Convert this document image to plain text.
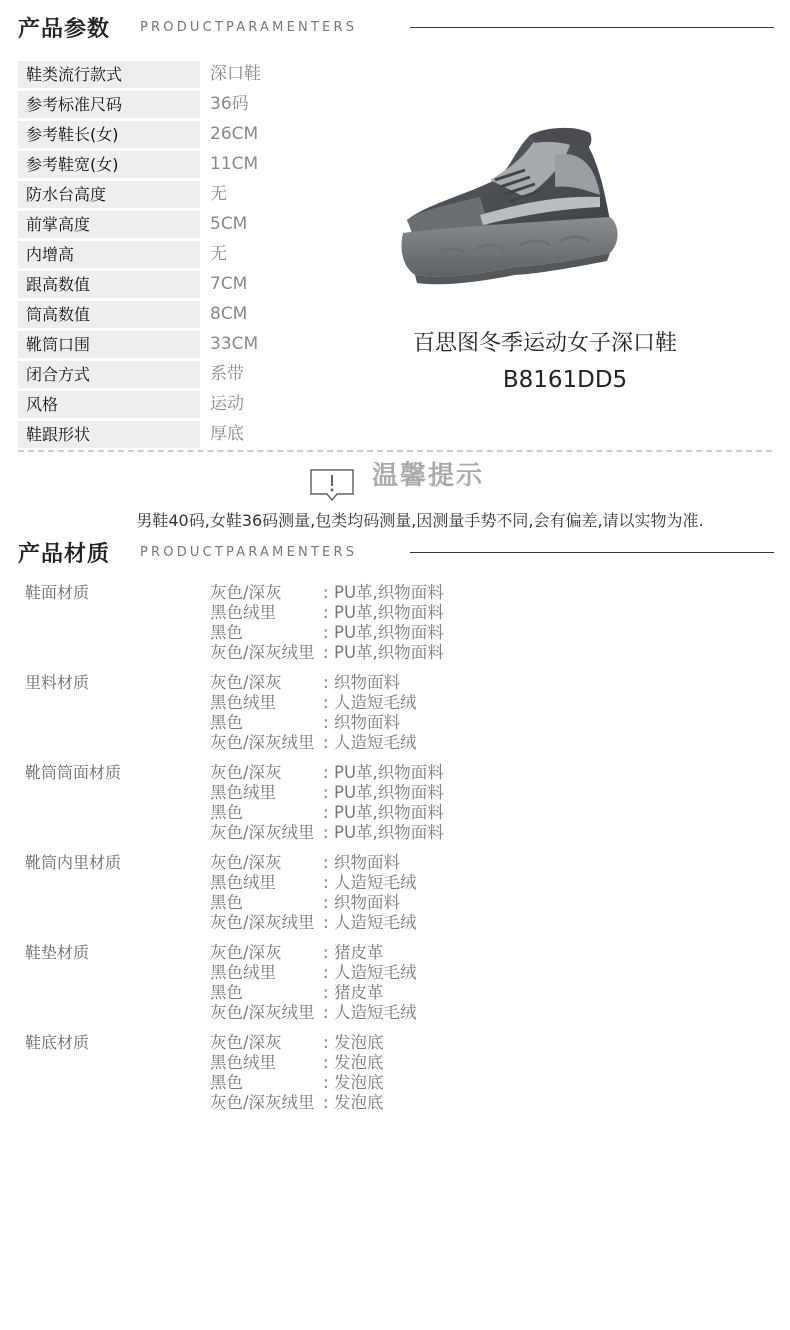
产品参数 PRODUCTPARAMENTERS
鞋类流行款式	深口鞋
参考标准尺码	36码
参考鞋长(女)	26CM
参考鞋宽(女)	11CM
防水台高度	无
前掌高度	5CM
内增高	无
跟高数值	7CM
筒高数值	8CM
靴筒口围	33CM
闭合方式	系带
风格	运动
鞋跟形状	厚底
百思图冬季运动女子深口鞋
B8161DD5
温馨提示
男鞋40码,女鞋36码测量,包类均码测量,因测量手势不同,会有偏差,请以实物为准.
产品材质 PRODUCTPARAMENTERS
鞋面材质	灰色/深灰	: PU革,织物面料
黑色绒里	: PU革,织物面料
黑色	: PU革,织物面料
灰色/深灰绒里 : PU革,织物面料
里料材质	灰色/深灰	: 织物面料
黑色绒里	: 人造短毛绒
黑色	: 织物面料
灰色/深灰绒里 : 人造短毛绒
靴筒筒面材质	灰色/深灰	: PU革,织物面料
黑色绒里	: PU革,织物面料
黑色	: PU革,织物面料
灰色/深灰绒里 : PU革,织物面料
靴筒内里材质	灰色/深灰	: 织物面料
黑色绒里	: 人造短毛绒
黑色	: 织物面料
灰色/深灰绒里 : 人造短毛绒
鞋垫材质	灰色/深灰	: 猪皮革
黑色绒里	: 人造短毛绒
黑色	: 猪皮革
灰色/深灰绒里 : 人造短毛绒
鞋底材质	灰色/深灰	: 发泡底
黑色绒里	: 发泡底
黑色	: 发泡底
灰色/深灰绒里 : 发泡底
